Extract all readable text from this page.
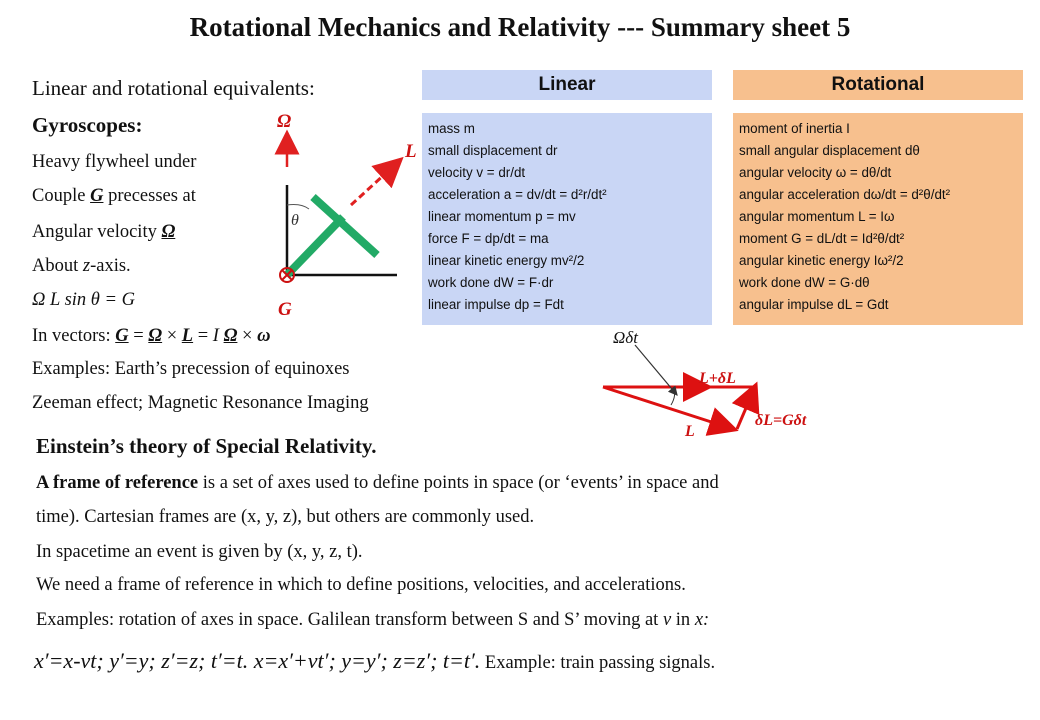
Rotational Mechanics and Relativity --- Summary sheet 5
Linear and rotational equivalents:
Gyroscopes:
Heavy flywheel under
Couple G precesses at
Angular velocity Ω
About z-axis.
Ω L sin θ = G
In vectors: G = Ω × L = I Ω × ω
Examples: Earth’s precession of equinoxes
Zeeman effect; Magnetic Resonance Imaging
Ω
L
θ
G
Linear	Rotational
mass m
small displacement dr
velocity v = dr/dt
acceleration a = dv/dt = d²r/dt²
linear momentum p = mv
force F = dp/dt = ma
linear kinetic energy mv²/2
work done dW = F·dr
linear impulse dp = Fdt
moment of inertia I
small angular displacement dθ
angular velocity ω = dθ/dt
angular acceleration dω/dt = d²θ/dt²
angular momentum L = Iω
moment G = dL/dt = Id²θ/dt²
angular kinetic energy Iω²/2
work done dW = G·dθ
angular impulse dL = Gdt
Ωδt
L+δL
L
δL=Gδt
Einstein’s theory of Special Relativity.
A frame of reference is a set of axes used to define points in space (or ‘events’ in space and
time). Cartesian frames are (x, y, z), but others are commonly used.
In spacetime an event is given by (x, y, z, t).
We need a frame of reference in which to define positions, velocities, and accelerations.
Examples: rotation of axes in space. Galilean transform between S and S’ moving at v in x:
x′=x-vt; y′=y; z′=z; t′=t. x=x′+vt′; y=y′; z=z′; t=t′. Example: train passing signals.
